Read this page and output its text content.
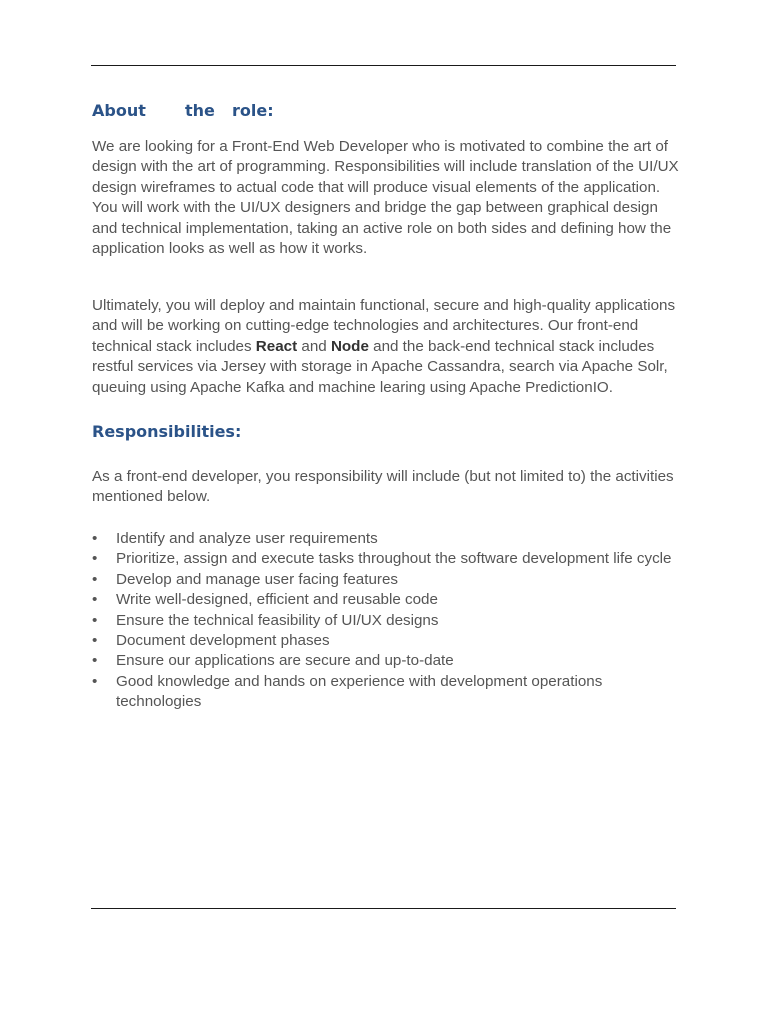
About the role:

We are looking for a Front-End Web Developer who is motivated to combine the art of design with the art of programming. Responsibilities will include translation of the UI/UX design wireframes to actual code that will produce visual elements of the application. You will work with the UI/UX designers and bridge the gap between graphical design and technical implementation, taking an active role on both sides and defining how the application looks as well as how it works.

Ultimately, you will deploy and maintain functional, secure and high-quality applications and will be working on cutting-edge technologies and architectures. Our front-end technical stack includes React and Node and the back-end technical stack includes restful services via Jersey with storage in Apache Cassandra, search via Apache Solr, queuing using Apache Kafka and machine learing using Apache PredictionIO.

Responsibilities:

As a front-end developer, you responsibility will include (but not limited to) the activities mentioned below.

•	Identify and analyze user requirements
•	Prioritize, assign and execute tasks throughout the software development life cycle
•	Develop and manage user facing features
•	Write well-designed, efficient and reusable code
•	Ensure the technical feasibility of UI/UX designs
•	Document development phases
•	Ensure our applications are secure and up-to-date
•	Good knowledge and hands on experience with development operations technologies
